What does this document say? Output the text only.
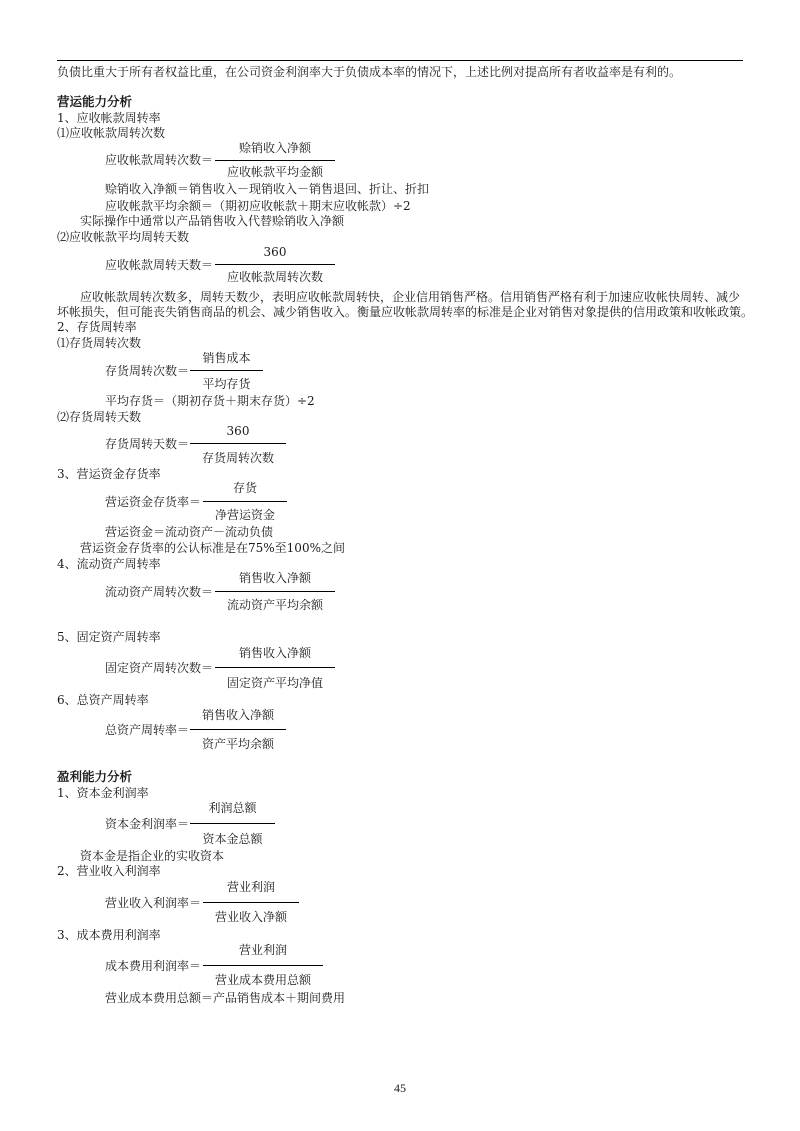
负债比重大于所有者权益比重，在公司资金利润率大于负债成本率的情况下，上述比例对提高所有者收益率是有利的。
营运能力分析
1、应收帐款周转率
⑴应收帐款周转次数
赊销收入净额
应收帐款周转次数＝
应收帐款平均金额
赊销收入净额＝销售收入－现销收入－销售退回、折让、折扣
应收帐款平均余额＝（期初应收帐款＋期末应收帐款）÷2
实际操作中通常以产品销售收入代替赊销收入净额
⑵应收帐款平均周转天数
360
应收帐款周转天数＝
应收帐款周转次数
应收帐款周转次数多，周转天数少，表明应收帐款周转快，企业信用销售严格。信用销售严格有利于加速应收帐快周转、减少
坏帐损失，但可能丧失销售商品的机会、减少销售收入。衡量应收帐款周转率的标准是企业对销售对象提供的信用政策和收帐政策。
2、存货周转率
⑴存货周转次数
销售成本
存货周转次数＝
平均存货
平均存货＝（期初存货＋期末存货）÷2
⑵存货周转天数
360
存货周转天数＝
存货周转次数
3、营运资金存货率
存货
营运资金存货率＝
净营运资金
营运资金＝流动资产－流动负债
营运资金存货率的公认标准是在75%至100%之间
4、流动资产周转率
销售收入净额
流动资产周转次数＝
流动资产平均余额
5、固定资产周转率
销售收入净额
固定资产周转次数＝
固定资产平均净值
6、总资产周转率
销售收入净额
总资产周转率＝
资产平均余额
盈利能力分析
1、资本金利润率
利润总额
资本金利润率＝
资本金总额
资本金是指企业的实收资本
2、营业收入利润率
营业利润
营业收入利润率＝
营业收入净额
3、成本费用利润率
营业利润
成本费用利润率＝
营业成本费用总额
营业成本费用总额＝产品销售成本＋期间费用
45
